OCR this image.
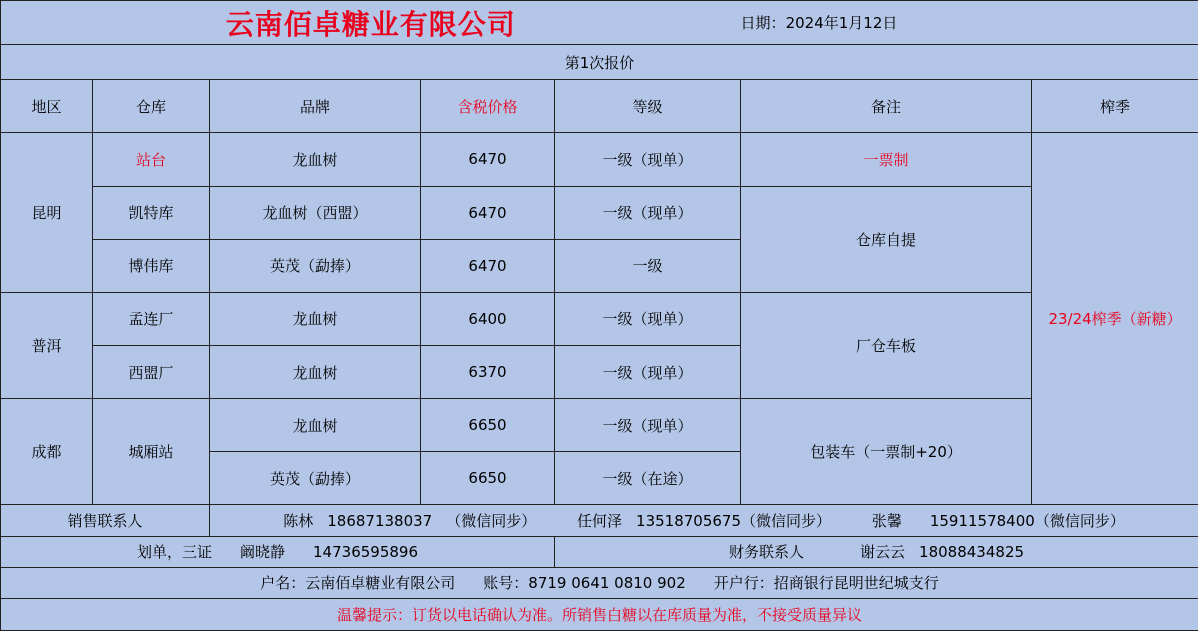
云南佰卓糖业有限公司					日期：2024年1月12日	
第1次报价						
地区	仓库	品牌	含税价格	等级	备注	榨季
昆明	站台	龙血树	6470	一级（现单）	一票制	23/24榨季（新糖）
	凯特库	龙血树（西盟）	6470	一级（现单）	仓库自提	
	博伟库	英茂（勐捧）	6470	一级		
普洱	孟连厂	龙血树	6400	一级（现单）	厂仓车板	
	西盟厂	龙血树	6370	一级（现单）		
成都	城厢站	龙血树	6650	一级（现单）	包装车（一票制+20）	
		英茂（勐捧）	6650	一级（在途）		
销售联系人		陈林 18687138037 （微信同步） 任何泽 13518705675（微信同步） 张馨 15911578400（微信同步）				
划单，三证 阚晓静 14736595896				财务联系人 谢云云 18088434825		
户名：云南佰卓糖业有限公司 账号：8719 0641 0810 902 开户行：招商银行昆明世纪城支行						
温馨提示：订货以电话确认为准。所销售白糖以在库质量为准，不接受质量异议						
